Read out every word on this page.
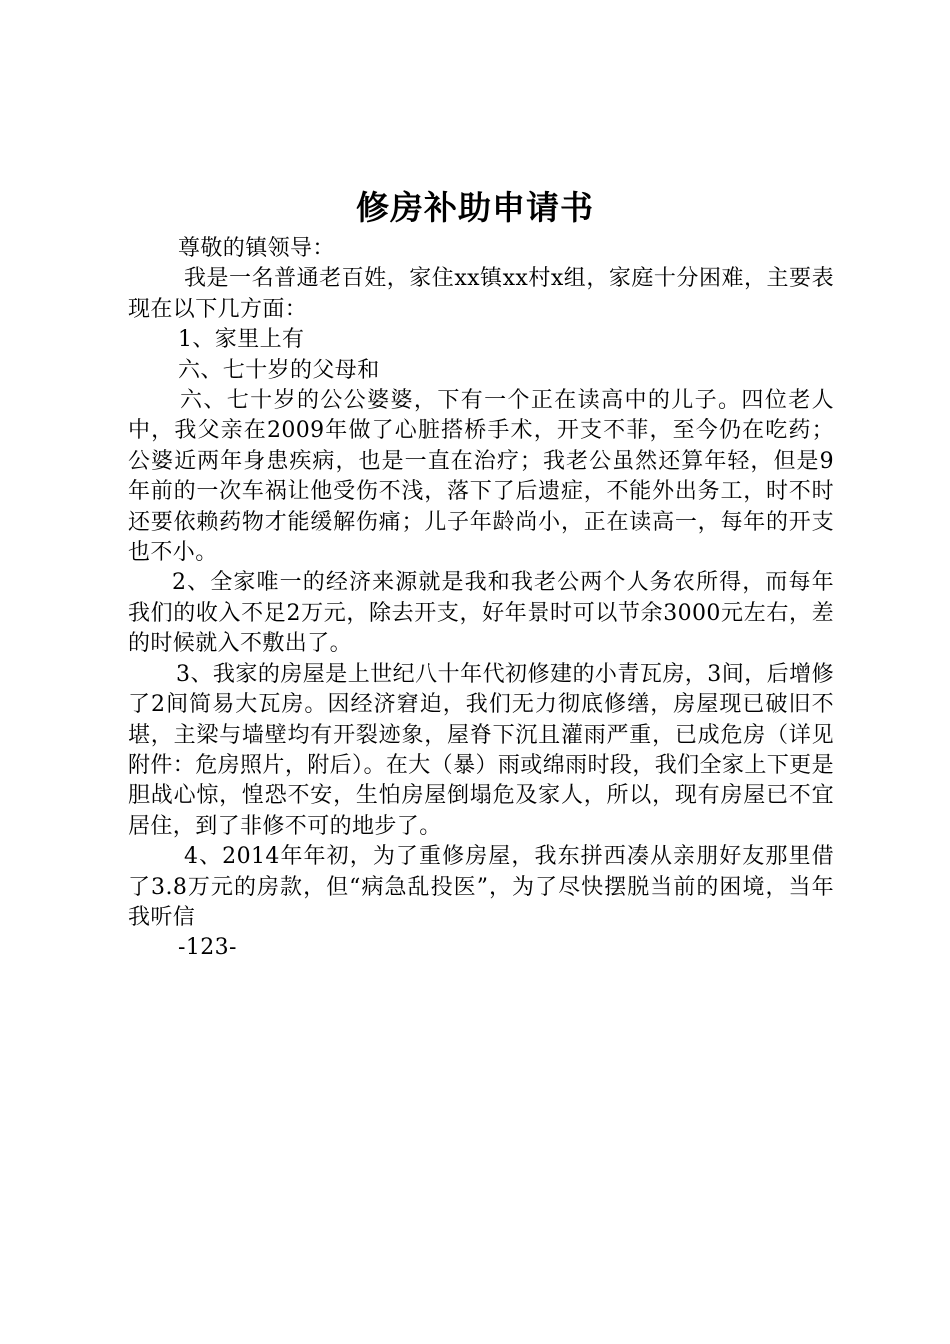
修房补助申请书

尊敬的镇领导：

我是一名普通老百姓，家住xx镇xx村x组，家庭十分困难，主要表现在以下几方面：

1、家里上有

六、七十岁的父母和

六、七十岁的公公婆婆，下有一个正在读高中的儿子。四位老人中，我父亲在2009年做了心脏搭桥手术，开支不菲，至今仍在吃药；公婆近两年身患疾病，也是一直在治疗；我老公虽然还算年轻，但是9年前的一次车祸让他受伤不浅，落下了后遗症，不能外出务工，时不时还要依赖药物才能缓解伤痛；儿子年龄尚小，正在读高一，每年的开支也不小。

2、全家唯一的经济来源就是我和我老公两个人务农所得，而每年我们的收入不足2万元，除去开支，好年景时可以节余3000元左右，差的时候就入不敷出了。

3、我家的房屋是上世纪八十年代初修建的小青瓦房，3间，后增修了2间简易大瓦房。因经济窘迫，我们无力彻底修缮，房屋现已破旧不堪，主梁与墙壁均有开裂迹象，屋脊下沉且灌雨严重，已成危房（详见附件：危房照片，附后）。在大（暴）雨或绵雨时段，我们全家上下更是胆战心惊，惶恐不安，生怕房屋倒塌危及家人，所以，现有房屋已不宜居住，到了非修不可的地步了。

4、2014年年初，为了重修房屋，我东拼西凑从亲朋好友那里借了3.8万元的房款，但“病急乱投医”，为了尽快摆脱当前的困境，当年我听信

-123-
